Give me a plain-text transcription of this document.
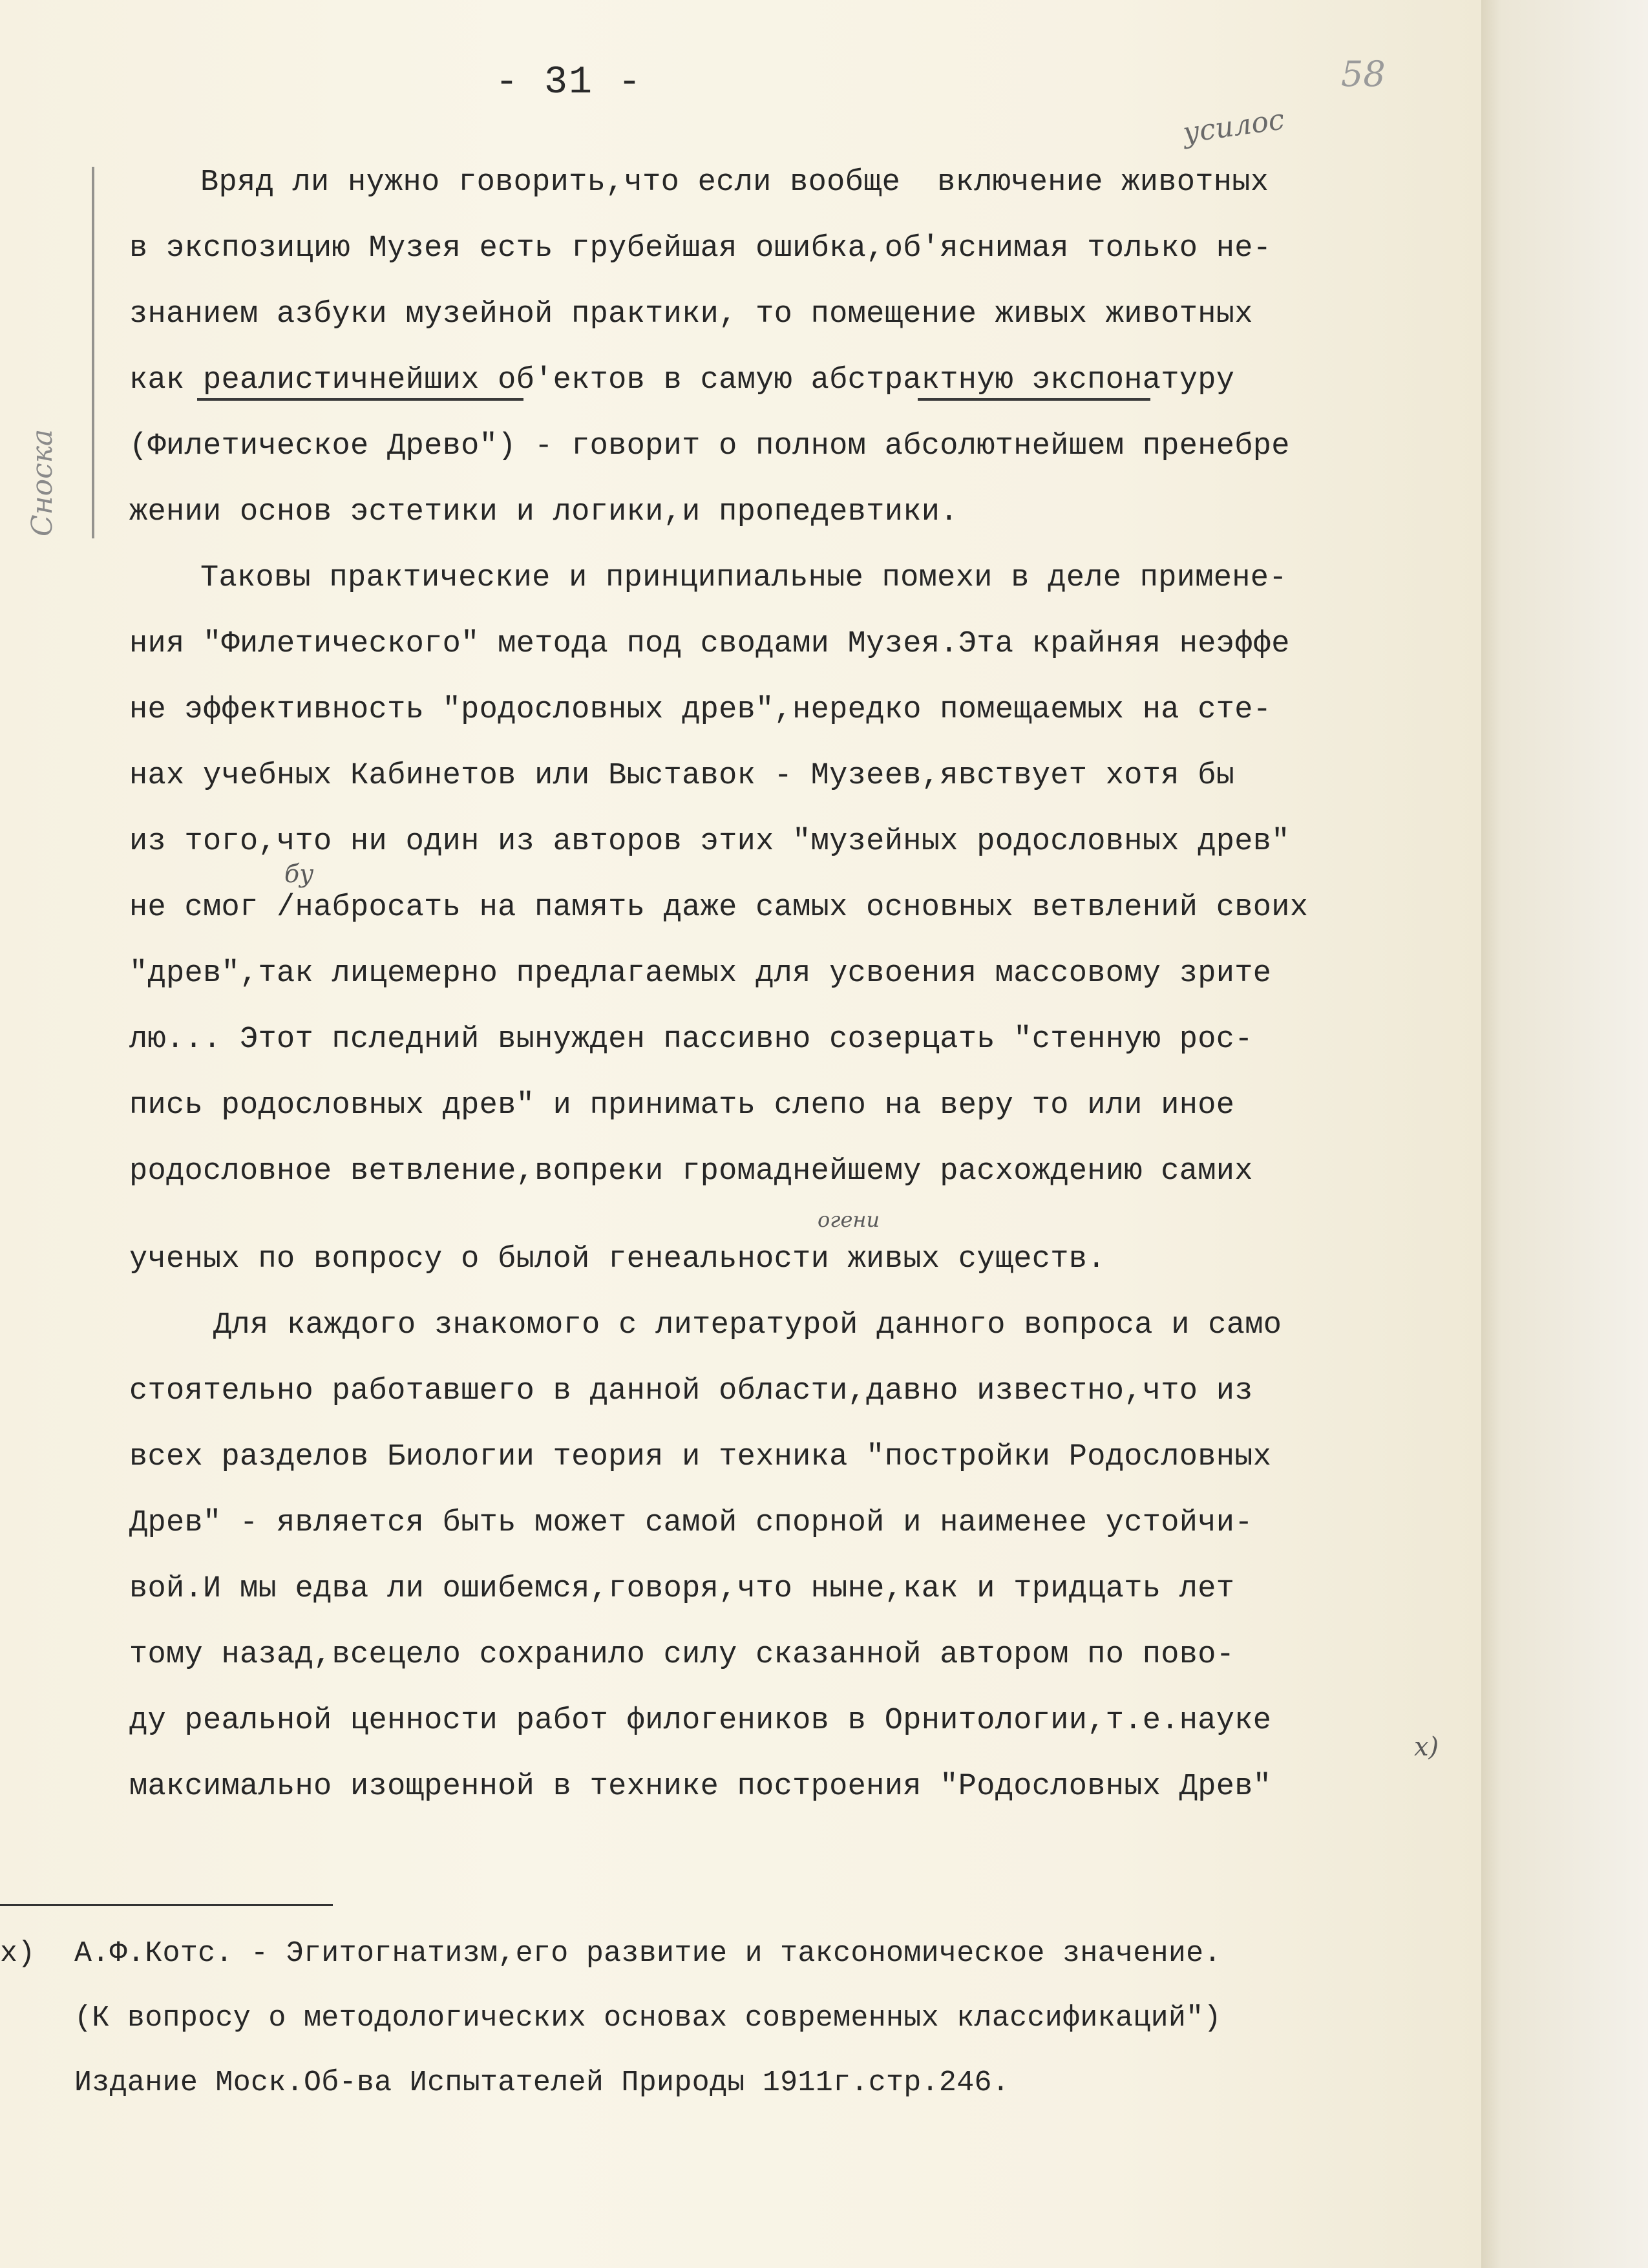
- 31 -	58
Сноска
усилос
бу
огени
х)
Вряд ли нужно говорить,что если вообще  включение животных
в экспозицию Музея есть грубейшая ошибка,об'яснимая только не-
знанием азбуки музейной практики, то помещение живых животных
как реалистичнейших об'ектов в самую абстрактную экспонатуру
(Филетическое Древо") - говорит о полном абсолютнейшем пренебре
жении основ эстетики и логики,и пропедевтики.
Таковы практические и принципиальные помехи в деле примене-
ния "Филетического" метода под сводами Музея.Эта крайняя неэффе
не эффективность "родословных древ",нередко помещаемых на сте-
нах учебных Кабинетов или Выставок - Музеев,явствует хотя бы
из того,что ни один из авторов этих "музейных родословных древ"
не смог /набросать на память даже самых основных ветвлений своих
"древ",так лицемерно предлагаемых для усвоения массовому зрите
лю... Этот пследний вынужден пассивно созерцать "стенную рос-
пись родословных древ" и принимать слепо на веру то или иное
родословное ветвление,вопреки громаднейшему расхождению самих
ученых по вопросу о былой генеальности живых существ.
Для каждого знакомого с литературой данного вопроса и само
стоятельно работавшего в данной области,давно известно,что из
всех разделов Биологии теория и техника "постройки Родословных
Древ" - является быть может самой спорной и наименее устойчи-
вой.И мы едва ли ошибемся,говоря,что ныне,как и тридцать лет
тому назад,всецело сохранило силу сказанной автором по пово-
ду реальной ценности работ филогеников в Орнитологии,т.е.науке
максимально изощренной в технике построения "Родословных Древ"
х)	А.Ф.Котс. - Эгитогнатизм,его развитие и таксономическое значение.
(К вопросу о методологических основах современных классификаций")
Издание Моск.Об-ва Испытателей Природы 1911г.стр.246.
